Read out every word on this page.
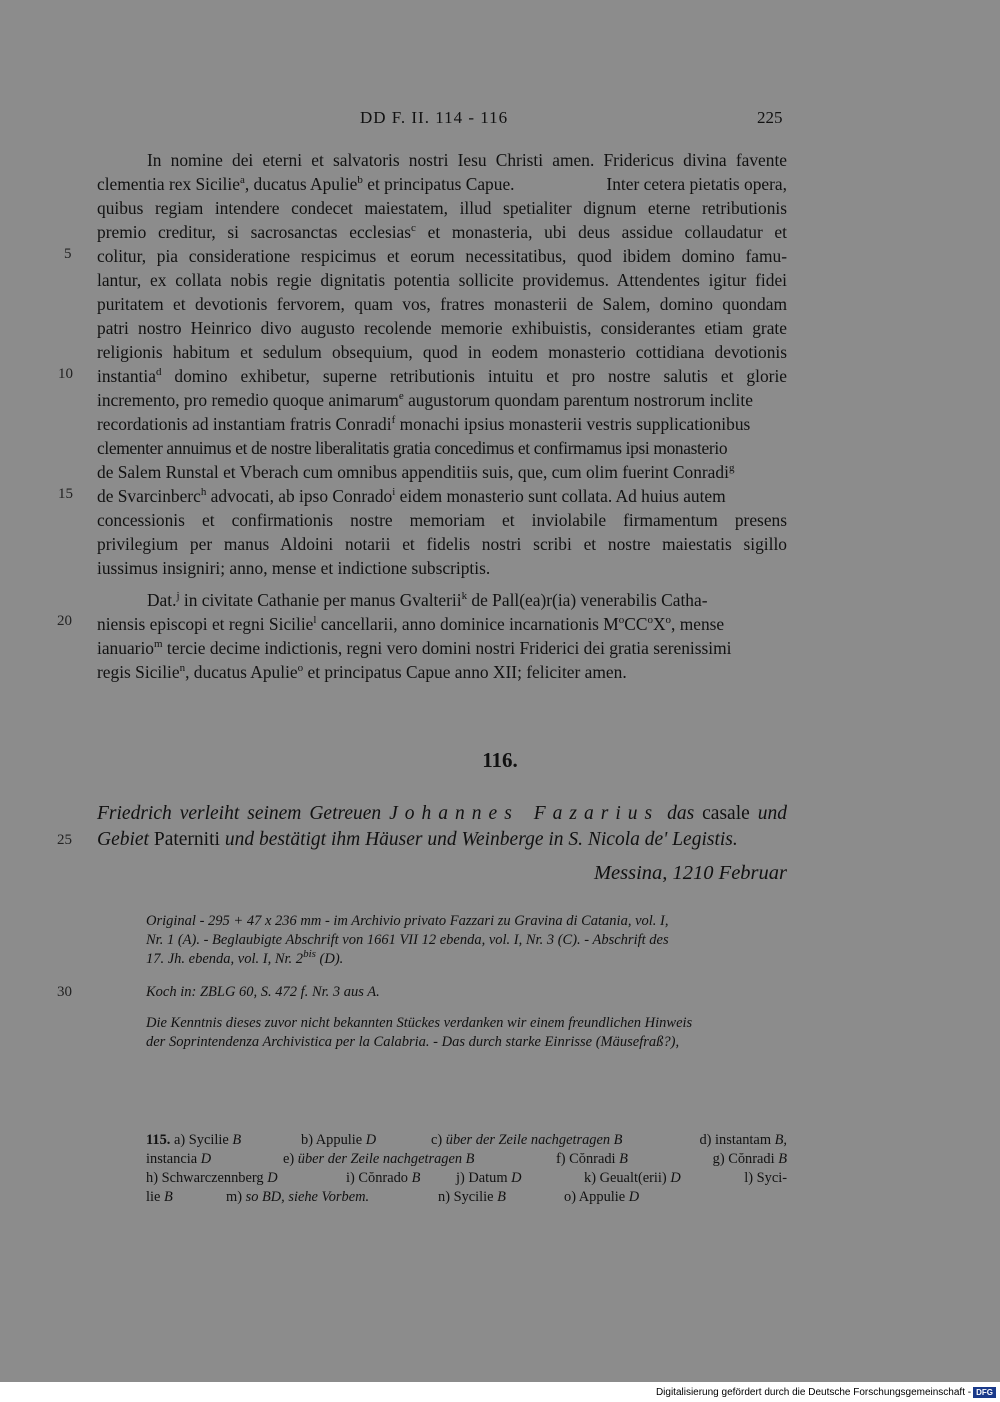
DD F. II. 114 - 116	225
5
10
15
20
25
30
In nomine dei eterni et salvatoris nostri Iesu Christi amen. Fridericus divina favente
clementia rex Sicilie$^a$, ducatus Apulie$^b$ et principatus Capue.	Inter cetera pietatis opera,
quibus regiam intendere condecet maiestatem, illud spetialiter dignum eterne retributionis
premio creditur, si sacrosanctas ecclesias$^c$ et monasteria, ubi deus assidue collaudatur et
colitur, pia consideratione respicimus et eorum necessitatibus, quod ibidem domino famu-
lantur, ex collata nobis regie dignitatis potentia sollicite providemus. Attendentes igitur fidei
puritatem et devotionis fervorem, quam vos, fratres monasterii de Salem, domino quondam
patri nostro Heinrico divo augusto recolende memorie exhibuistis, considerantes etiam grate
religionis habitum et sedulum obsequium, quod in eodem monasterio cottidiana devotionis
instantia$^d$ domino exhibetur, superne retributionis intuitu et pro nostre salutis et glorie
incremento, pro remedio quoque animarum$^e$ augustorum quondam parentum nostrorum inclite
recordationis ad instantiam fratris Conradi$^f$ monachi ipsius monasterii vestris supplicationibus
clementer annuimus et de nostre liberalitatis gratia concedimus et confirmamus ipsi monasterio
de Salem Runstal et Vberach cum omnibus appenditiis suis, que, cum olim fuerint Conradi$^g$
de Svarcinberc$^h$ advocati, ab ipso Conrado$^i$ eidem monasterio sunt collata. Ad huius autem
concessionis et confirmationis nostre memoriam et inviolabile firmamentum presens
privilegium per manus Aldoini notarii et fidelis nostri scribi et nostre maiestatis sigillo
iussimus insigniri; anno, mense et indictione subscriptis.
Dat.$^j$ in civitate Cathanie per manus Gvalterii$^k$ de Pall(ea)r(ia) venerabilis Catha-
niensis episcopi et regni Sicilie$^l$ cancellarii, anno dominice incarnationis $M^oCC^oX^o$, mense
ianuario$^m$ tercie decime indictionis, regni vero domini nostri Friderici dei gratia serenissimi
regis Sicilie$^n$, ducatus Apulie$^o$ et principatus Capue anno XII; feliciter amen.
116.
Friedrich verleiht seinem Getreuen Johannes Fazarius das casale und
Gebiet Paterniti und bestätigt ihm Häuser und Weinberge in S. Nicola de' Legistis.
Messina, 1210 Februar
Original - 295 + 47 x 236 mm - im Archivio privato Fazzari zu Gravina di Catania, vol. I,
Nr. 1 (A). - Beglaubigte Abschrift von 1661 VII 12 ebenda, vol. I, Nr. 3 (C). - Abschrift des
17. Jh. ebenda, vol. I, Nr. $2^{bis}$ (D).
Koch in: ZBLG 60, S. 472 f. Nr. 3 aus A.
Die Kenntnis dieses zuvor nicht bekannten Stückes verdanken wir einem freundlichen Hinweis
der Soprintendenza Archivistica per la Calabria. - Das durch starke Einrisse (Mäusefraß?),
115. a) Sycilie B	b) Appulie D	c) über der Zeile nachgetragen B	d) instantam B,
instancia D	e) über der Zeile nachgetragen B	f) Cŏnradi B	g) Cŏnradi B
h) Schwarczennberg D	i) Cŏnrado B j) Datum D	k) Geualt(erii) D	l) Syci-
lie B	m) so BD, siehe Vorbem.	n) Sycilie B	o) Appulie D
Digitalisierung gefördert durch die Deutsche Forschungsgemeinschaft - DFG
